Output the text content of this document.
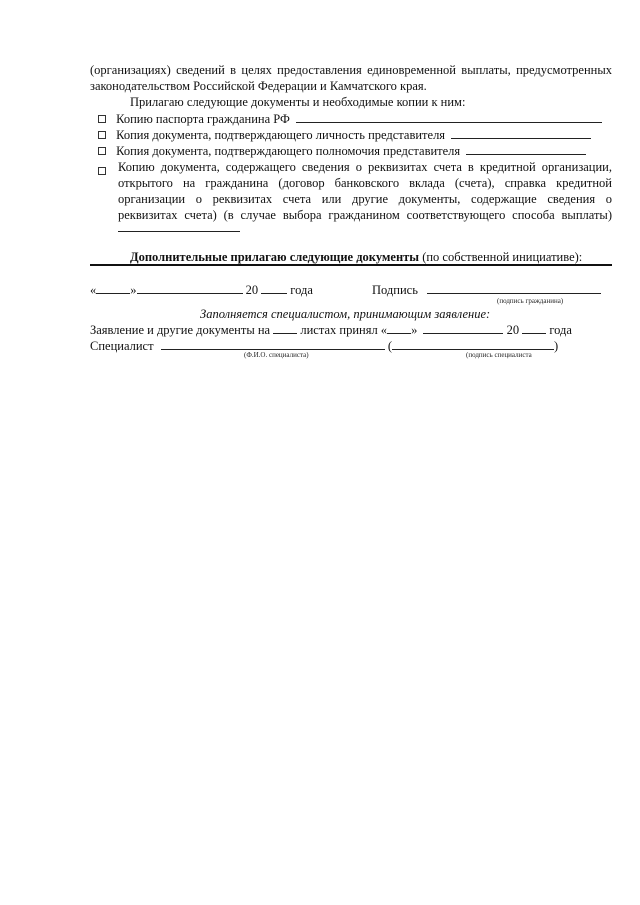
(организациях) сведений в целях предоставления единовременной выплаты, предусмотренных
законодательством Российской Федерации и Камчатского края.
Прилагаю следующие документы и необходимые копии к ним:
Копию паспорта гражданина РФ
Копия документа, подтверждающего личность представителя
Копия документа, подтверждающего полномочия представителя
Копию документа, содержащего сведения о реквизитах счета в кредитной организации,
открытого на гражданина (договор банковского вклада (счета), справка кредитной
организации о реквизитах счета или другие документы, содержащие сведения о
реквизитах счета) (в случае выбора гражданином соответствующего способа выплаты)
Дополнительные прилагаю следующие документы (по собственной инициативе):
«	»	20	года	Подпись
(подпись гражданина)
Заполняется специалистом, принимающим заявление:
Заявление и другие документы на листах принял « »	20 года
Специалист	(	)
(Ф.И.О. специалиста)	(подпись специалиста
